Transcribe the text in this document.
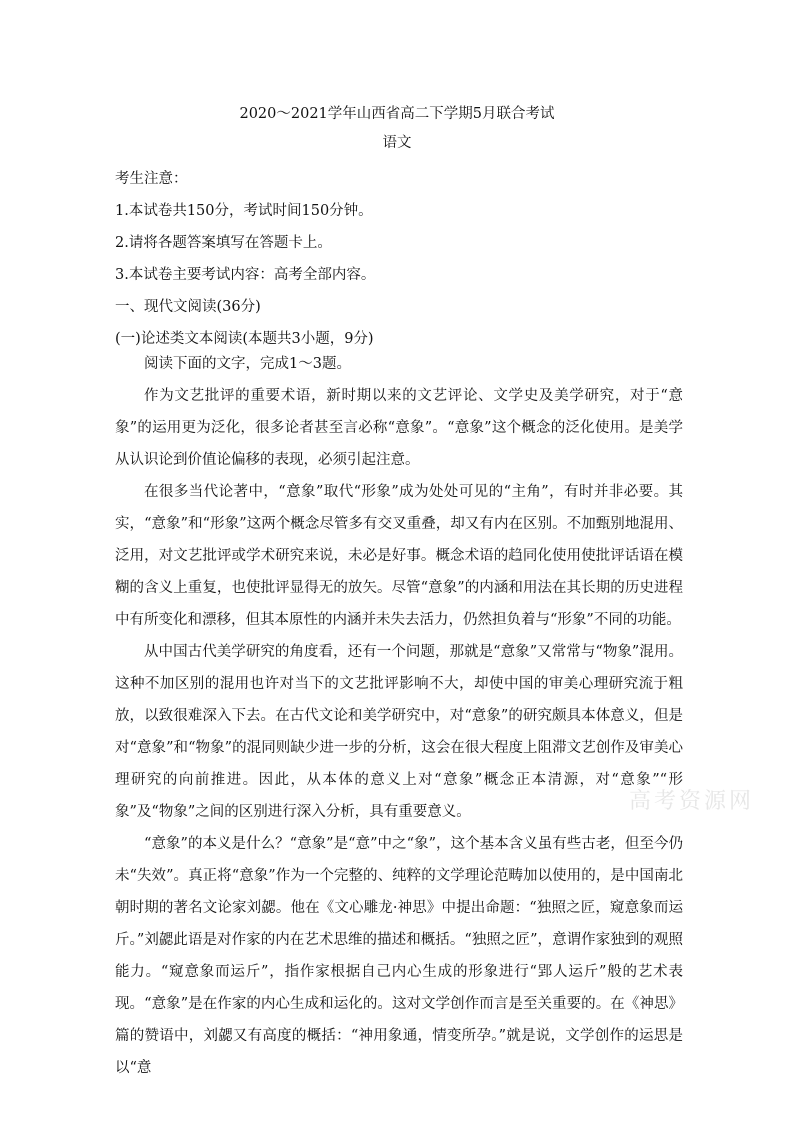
2020～2021学年山西省高二下学期5月联合考试
语文
考生注意：
1.本试卷共150分，考试时间150分钟。
2.请将各题答案填写在答题卡上。
3.本试卷主要考试内容：高考全部内容。
一、现代文阅读(36分)
(一)论述类文本阅读(本题共3小题，9分)

阅读下面的文字，完成1～3题。

作为文艺批评的重要术语，新时期以来的文艺评论、文学史及美学研究，对于“意象”的运用更为泛化，很多论者甚至言必称“意象”。“意象”这个概念的泛化使用。是美学从认识论到价值论偏移的表现，必须引起注意。

在很多当代论著中，“意象”取代“形象”成为处处可见的“主角”，有时并非必要。其实，“意象”和“形象”这两个概念尽管多有交叉重叠，却又有内在区别。不加甄别地混用、泛用，对文艺批评或学术研究来说，未必是好事。概念术语的趋同化使用使批评话语在模糊的含义上重复，也使批评显得无的放矢。尽管“意象”的内涵和用法在其长期的历史进程中有所变化和漂移，但其本原性的内涵并未失去活力，仍然担负着与“形象”不同的功能。

从中国古代美学研究的角度看，还有一个问题，那就是“意象”又常常与“物象”混用。这种不加区别的混用也许对当下的文艺批评影响不大，却使中国的审美心理研究流于粗放，以致很难深入下去。在古代文论和美学研究中，对“意象”的研究颇具本体意义，但是对“意象”和“物象”的混同则缺少进一步的分析，这会在很大程度上阻滞文艺创作及审美心理研究的向前推进。因此，从本体的意义上对“意象”概念正本清源，对“意象”“形象”及“物象”之间的区别进行深入分析，具有重要意义。

“意象”的本义是什么？“意象”是“意”中之“象”，这个基本含义虽有些古老，但至今仍未“失效”。真正将“意象”作为一个完整的、纯粹的文学理论范畴加以使用的，是中国南北朝时期的著名文论家刘勰。他在《文心雕龙·神思》中提出命题：“独照之匠，窥意象而运斤。”刘勰此语是对作家的内在艺术思维的描述和概括。“独照之匠”，意谓作家独到的观照能力。“窥意象而运斤”，指作家根据自己内心生成的形象进行“郢人运斤”般的艺术表现。“意象”是在作家的内心生成和运化的。这对文学创作而言是至关重要的。在《神思》篇的赞语中，刘勰又有高度的概括：“神用象通，情变所孕。”就是说，文学创作的运思是以“意

高考资源网
